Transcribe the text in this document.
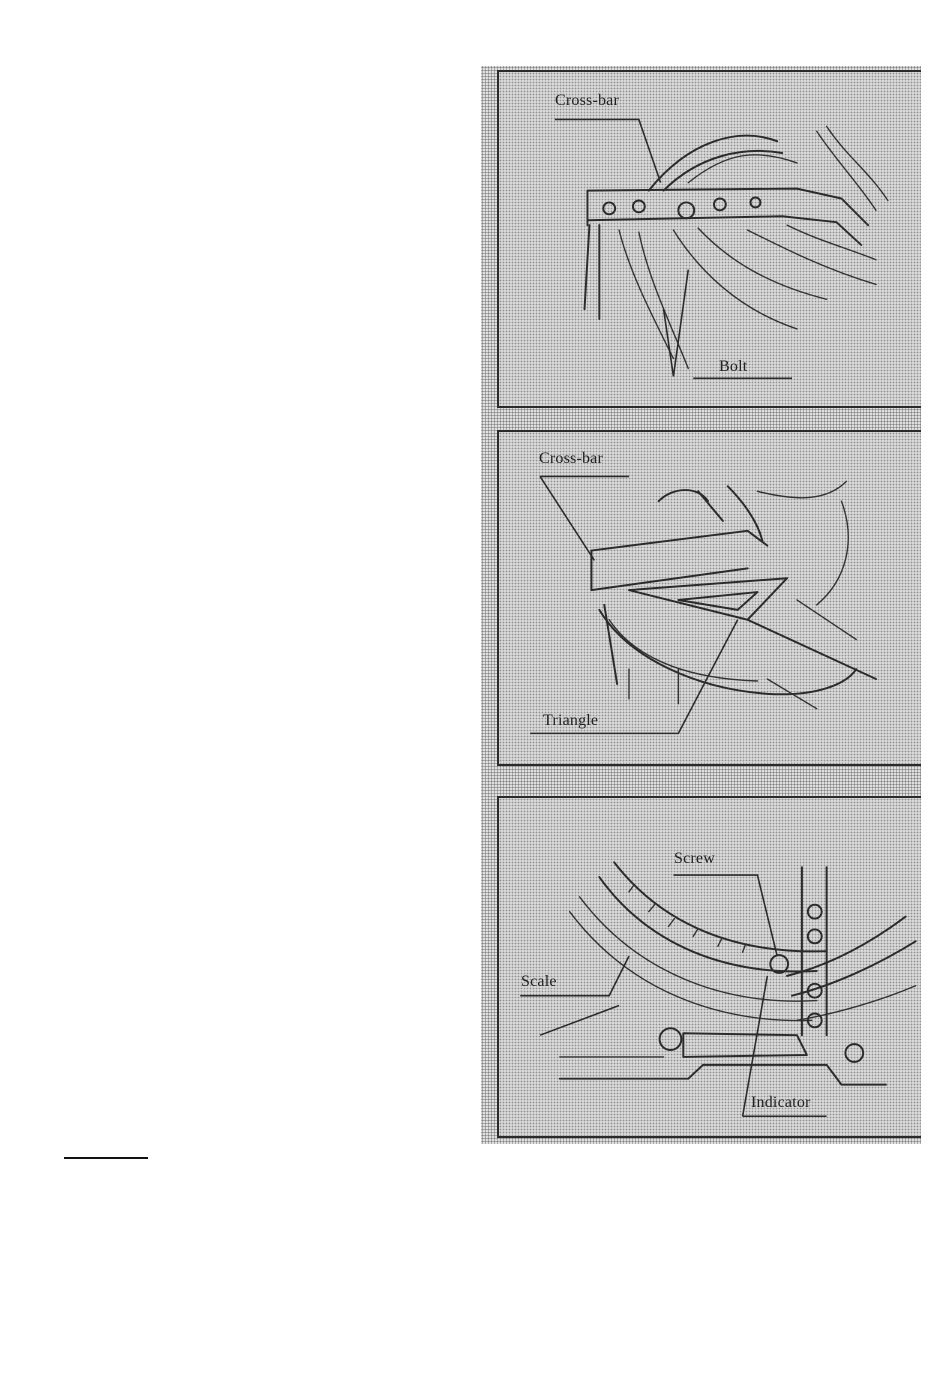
Cross-bar
Bolt
Cross-bar
Triangle
Screw
Scale
Indicator
